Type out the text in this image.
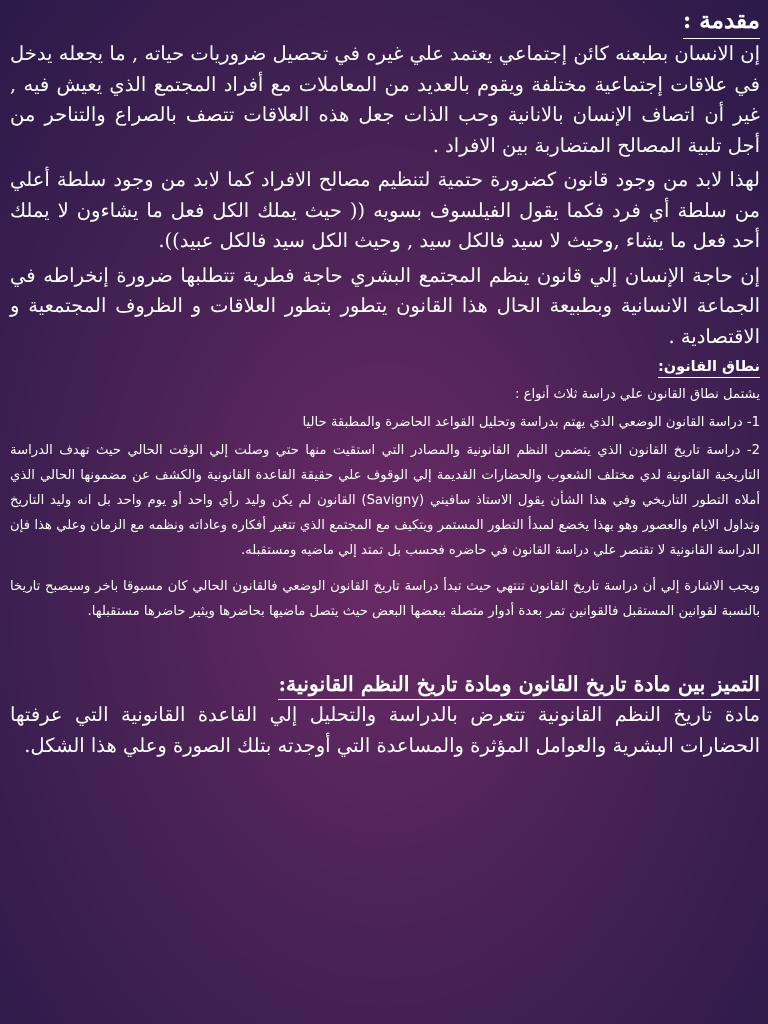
مقدمة :

إن الانسان بطبعنه كائن إجتماعي يعتمد علي غيره في تحصيل ضروريات حياته , ما يجعله يدخل في علاقات إجتماعية مختلفة ويقوم بالعديد من المعاملات مع أفراد المجتمع الذي يعيش فيه , غير أن اتصاف الإنسان بالانانية وحب الذات جعل هذه العلاقات تتصف بالصراع والتناحر من أجل تلبية المصالح المتضاربة بين الافراد .

لهذا لابد من وجود قانون كضرورة حتمية لتنظيم مصالح الافراد كما لابد من وجود سلطة أعلي من سلطة أي فرد فكما يقول الفيلسوف بسويه (( حيث يملك الكل فعل ما يشاءون لا يملك أحد فعل ما يشاء ,وحيث لا سيد فالكل سيد , وحيث الكل سيد فالكل عبيد)).

إن حاجة الإنسان إلي قانون ينظم المجتمع البشري حاجة فطرية تتطلبها ضرورة إنخراطه في الجماعة الانسانية وبطبيعة الحال هذا القانون يتطور بتطور العلاقات و الظروف المجتمعية و الاقتصادية .

نطاق القانون:

يشتمل نطاق القانون علي دراسة ثلاث أنواع :

1- دراسة القانون الوضعي الذي يهتم بدراسة وتحليل القواعد الحاضرة والمطبقة حاليا

2- دراسة تاريخ القانون الذي يتضمن النظم القانونية والمصادر التي استقيت منها حتي وصلت إلي الوقت الحالي حيث تهدف الدراسة التاريخية القانونية لدي مختلف الشعوب والحضارات القديمة إلي الوقوف علي حقيقة القاعدة القانونية والكشف عن مضمونها الحالي الذي أملاه التطور التاريخي وفي هذا الشأن يقول الاستاذ سافيني (Savigny) القانون لم يكن وليد رأي واحد أو يوم واحد بل انه وليد التاريخ وتداول الايام والعصور وهو بهذا يخضع لمبدأ التطور المستمر ويتكيف مع المجتمع الذي تتغير أفكاره وعاداته ونظمه مع الزمان وعلي هذا فإن الدراسة القانونية لا تقتصر علي دراسة القانون في حاضره فحسب بل تمتد إلي ماضيه ومستقبله.

ويجب الاشارة إلي أن دراسة تاريخ القانون تنتهي حيث تبدأ دراسة تاريخ القانون الوضعي فالقانون الحالي كان مسبوقا باخر وسيصبح تاريخا بالنسبة لقوانين المستقبل فالقوانين تمر بعدة أدوار متصلة ببعضها البعض حيث يتصل ماضيها بحاضرها ويثير حاضرها مستقبلها.

التميز بين مادة تاريخ القانون ومادة تاريخ النظم القانونية:

مادة تاريخ النظم القانونية تتعرض بالدراسة والتحليل إلي القاعدة القانونية التي عرفتها الحضارات البشرية والعوامل المؤثرة والمساعدة التي أوجدته بتلك الصورة وعلي هذا الشكل.
